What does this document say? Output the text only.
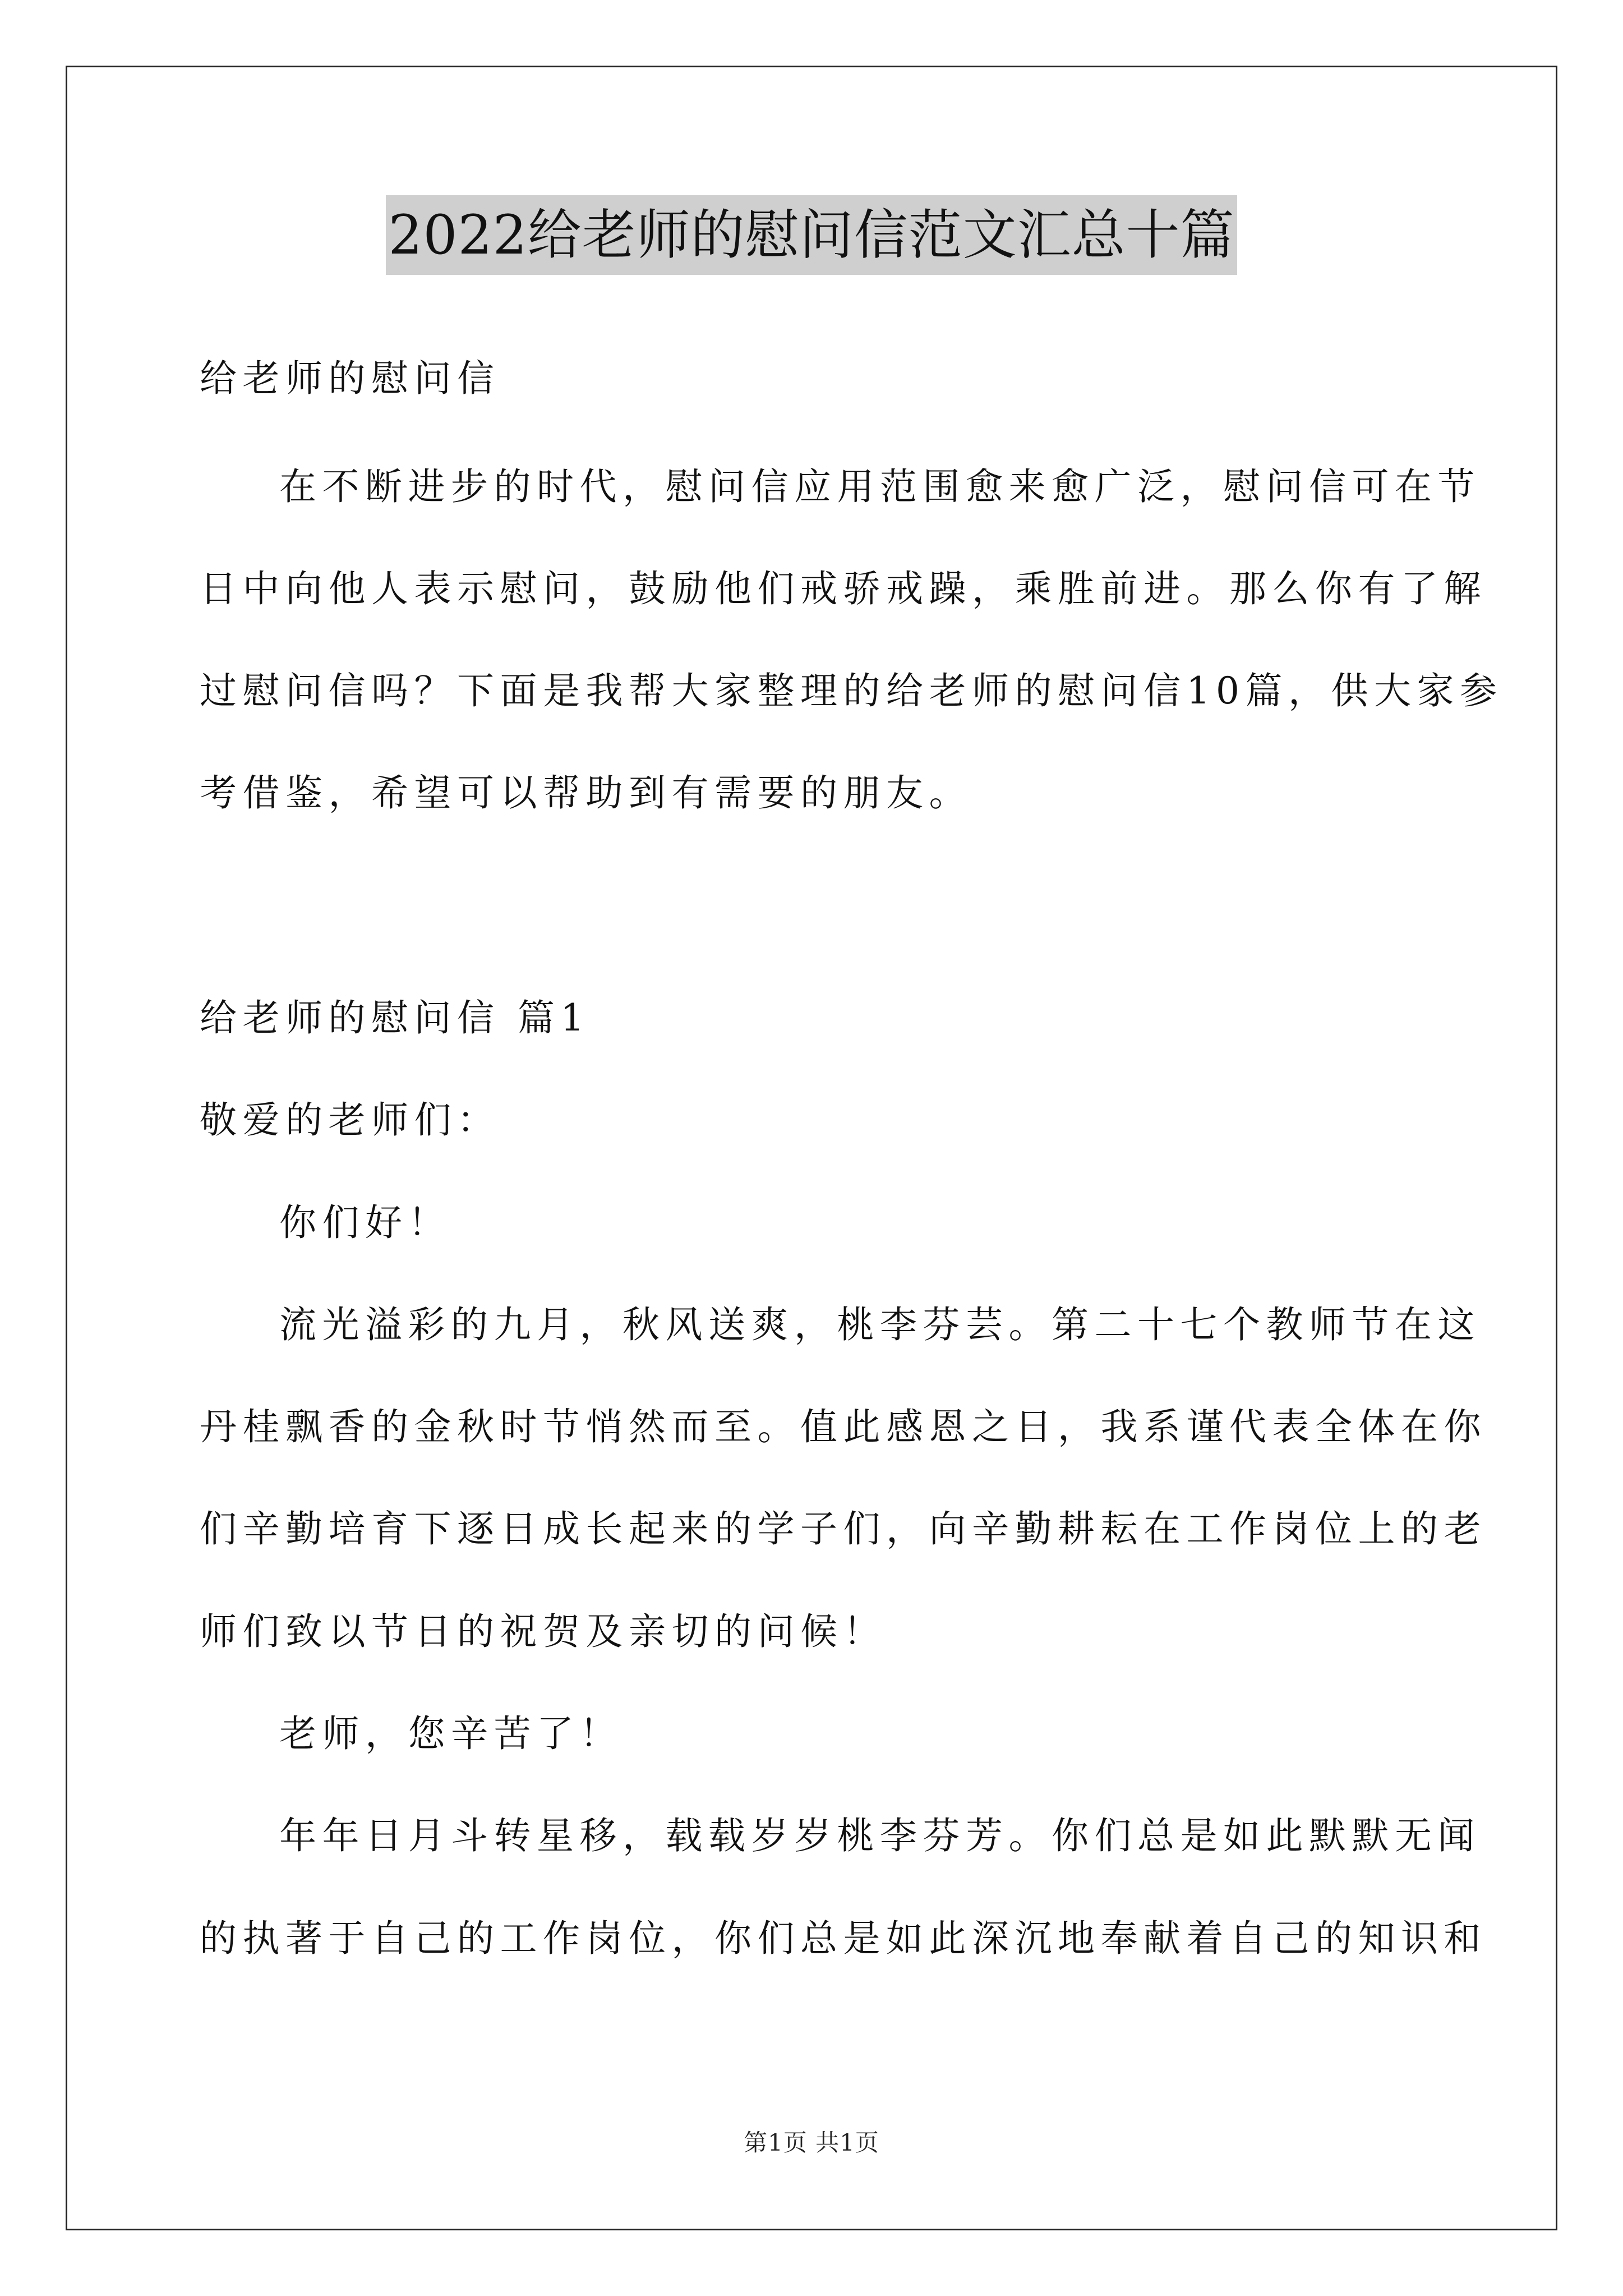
2022给老师的慰问信范文汇总十篇
给老师的慰问信
在不断进步的时代，慰问信应用范围愈来愈广泛，慰问信可在节
日中向他人表示慰问，鼓励他们戒骄戒躁，乘胜前进。那么你有了解
过慰问信吗？下面是我帮大家整理的给老师的慰问信10篇，供大家参
考借鉴，希望可以帮助到有需要的朋友。
给老师的慰问信 篇1
敬爱的老师们：
你们好！
流光溢彩的九月，秋风送爽，桃李芬芸。第二十七个教师节在这
丹桂飘香的金秋时节悄然而至。值此感恩之日，我系谨代表全体在你
们辛勤培育下逐日成长起来的学子们，向辛勤耕耘在工作岗位上的老
师们致以节日的祝贺及亲切的问候！
老师，您辛苦了！
年年日月斗转星移，载载岁岁桃李芬芳。你们总是如此默默无闻
的执著于自己的工作岗位，你们总是如此深沉地奉献着自己的知识和
第1页 共1页
